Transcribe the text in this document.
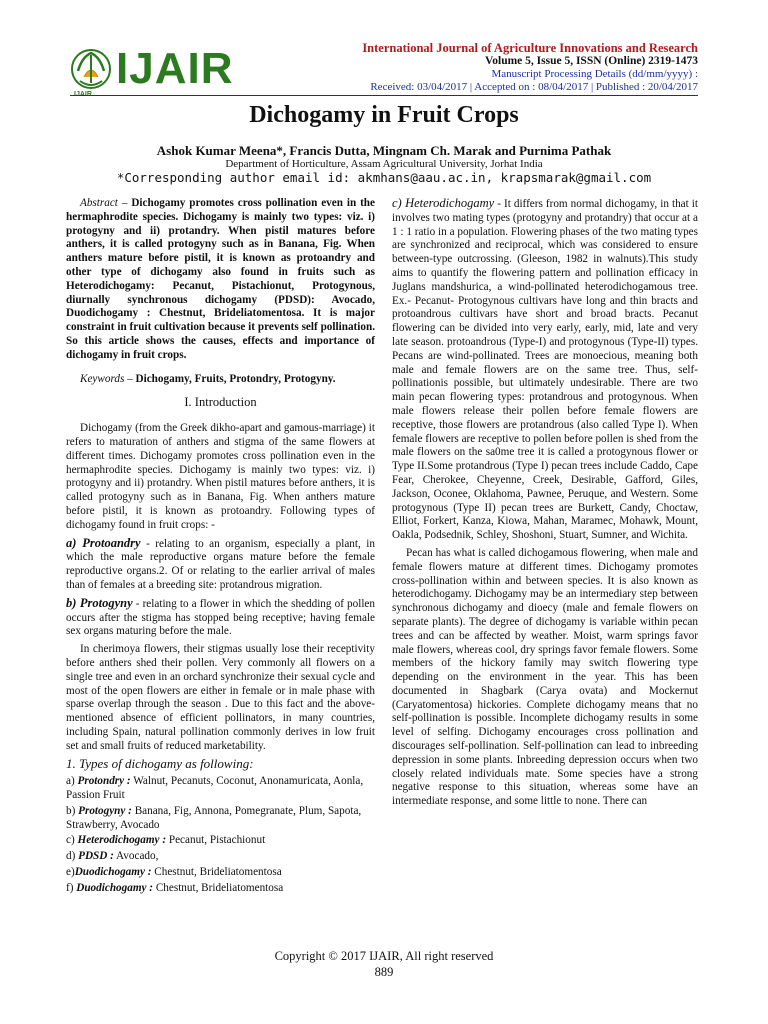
IJAIR
IJAIR
International Journal of Agriculture Innovations and Research
Volume 5, Issue 5, ISSN (Online) 2319-1473
Manuscript Processing Details (dd/mm/yyyy) :
Received: 03/04/2017 | Accepted on : 08/04/2017 | Published : 20/04/2017
Dichogamy in Fruit Crops
Ashok Kumar Meena*, Francis Dutta, Mingnam Ch. Marak and Purnima Pathak
Department of Horticulture, Assam Agricultural University, Jorhat India
*Corresponding author email id: akmhans@aau.ac.in, krapsmarak@gmail.com

Abstract – Dichogamy promotes cross pollination even in the hermaphrodite species. Dichogamy is mainly two types: viz. i) protogyny and ii) protandry. When pistil matures before anthers, it is called protogyny such as in Banana, Fig. When anthers mature before pistil, it is known as protoandry and other type of dichogamy also found in fruits such as Heterodichogamy: Pecanut, Pistachionut, Protogynous, diurnally synchronous dichogamy (PDSD): Avocado, Duodichogamy : Chestnut, Brideliatomentosa. It is major constraint in fruit cultivation because it prevents self pollination. So this article shows the causes, effects and importance of dichogamy in fruit crops.

Keywords – Dichogamy, Fruits, Protondry, Protogyny.

I. Introduction

Dichogamy (from the Greek dikho-apart and gamous-marriage) it refers to maturation of anthers and stigma of the same flowers at different times. Dichogamy promotes cross pollination even in the hermaphrodite species. Dichogamy is mainly two types: viz. i) protogyny and ii) protandry. When pistil matures before anthers, it is called protogyny such as in Banana, Fig. When anthers mature before pistil, it is known as protoandry. Following types of dichogamy found in fruit crops: -

a) Protoandry - relating to an organism, especially a plant, in which the male reproductive organs mature before the female reproductive organs.2. Of or relating to the earlier arrival of males than of females at a breeding site: protandrous migration.

b) Protogyny - relating to a flower in which the shedding of pollen occurs after the stigma has stopped being receptive; having female sex organs maturing before the male.

In cherimoya flowers, their stigmas usually lose their receptivity before anthers shed their pollen. Very commonly all flowers on a single tree and even in an orchard synchronize their sexual cycle and most of the open flowers are either in female or in male phase with sparse overlap through the season . Due to this fact and the above-mentioned absence of efficient pollinators, in many countries, including Spain, natural pollination commonly derives in low fruit set and small fruits of reduced marketability.

1. Types of dichogamy as following:

a) Protondry : Walnut, Pecanuts, Coconut, Anonamuricata, Aonla, Passion Fruit

b) Protogyny : Banana, Fig, Annona, Pomegranate, Plum, Sapota, Strawberry, Avocado

c) Heterodichogamy : Pecanut, Pistachionut

d) PDSD : Avocado,

e)Duodichogamy : Chestnut, Brideliatomentosa

f) Duodichogamy : Chestnut, Brideliatomentosa

c) Heterodichogamy - It differs from normal dichogamy, in that it involves two mating types (protogyny and protandry) that occur at a 1 : 1 ratio in a population. Flowering phases of the two mating types are synchronized and reciprocal, which was considered to ensure between-type outcrossing. (Gleeson, 1982 in walnuts).This study aims to quantify the flowering pattern and pollination efficacy in Juglans mandshurica, a wind-pollinated heterodichogamous tree. Ex.- Pecanut- Protogynous cultivars have long and thin bracts and protoandrous cultivars have short and broad bracts. Pecanut flowering can be divided into very early, early, mid, late and very late season. protoandrous (Type-I) and protogynous (Type-II) types. Pecans are wind-pollinated. Trees are monoecious, meaning both male and female flowers are on the same tree. Thus, self-pollinationis possible, but ultimately undesirable. There are two main pecan flowering types: protandrous and protogynous. When male flowers release their pollen before female flowers are receptive, those flowers are protandrous (also called Type I). When female flowers are receptive to pollen before pollen is shed from the male flowers on the sa0me tree it is called a protogynous flower or Type II.Some protandrous (Type I) pecan trees include Caddo, Cape Fear, Cherokee, Cheyenne, Creek, Desirable, Gafford, Giles, Jackson, Oconee, Oklahoma, Pawnee, Peruque, and Western. Some protogynous (Type II) pecan trees are Burkett, Candy, Choctaw, Elliot, Forkert, Kanza, Kiowa, Mahan, Maramec, Mohawk, Mount, Oakla, Podsednik, Schley, Shoshoni, Stuart, Sumner, and Wichita.

Pecan has what is called dichogamous flowering, when male and female flowers mature at different times. Dichogamy promotes cross-pollination within and between species. It is also known as heterodichogamy. Dichogamy may be an intermediary step between synchronous dichogamy and dioecy (male and female flowers on separate plants). The degree of dichogamy is variable within pecan trees and can be affected by weather. Moist, warm springs favor male flowers, whereas cool, dry springs favor female flowers. Some members of the hickory family may switch flowering type depending on the environment in the year. This has been documented in Shagbark (Carya ovata) and Mockernut (Caryatomentosa) hickories. Complete dichogamy means that no self-pollination is possible. Incomplete dichogamy results in some level of selfing. Dichogamy encourages cross pollination and discourages self-pollination. Self-pollination can lead to inbreeding depression in some plants. Inbreeding depression occurs when two closely related individuals mate. Some species have a strong negative response to this situation, whereas some have an intermediate response, and some little to none. There can

Copyright © 2017 IJAIR, All right reserved
889
